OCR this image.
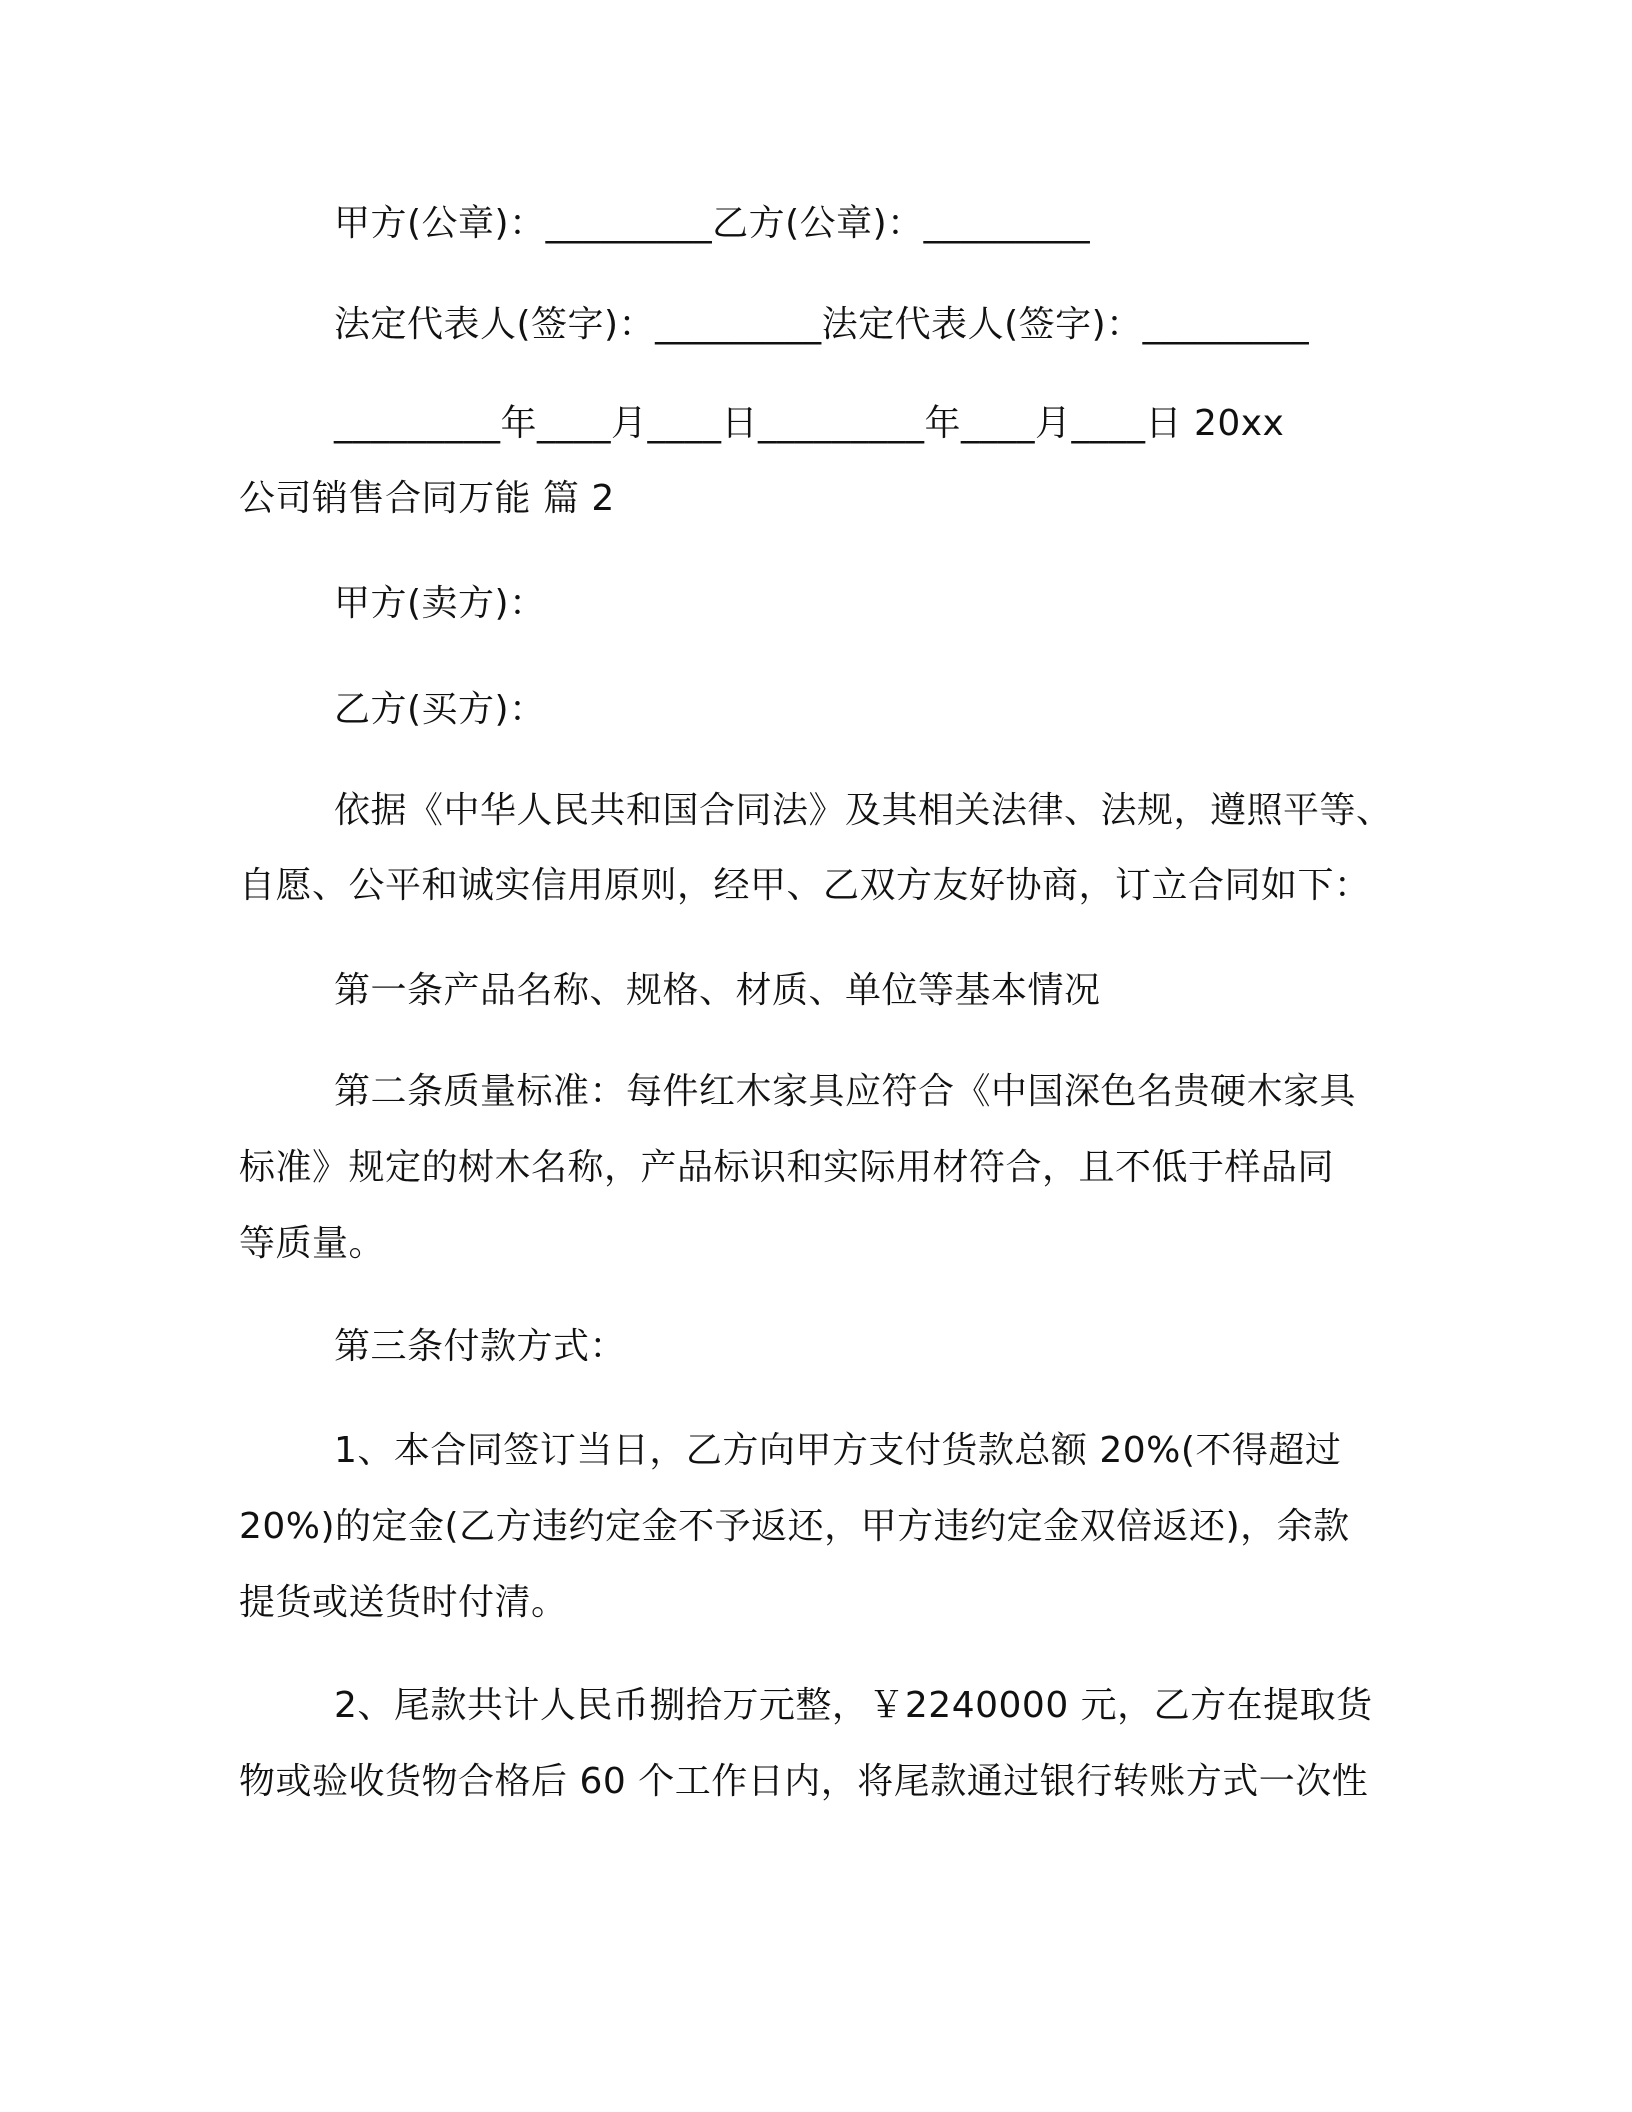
甲方(公章)：_________乙方(公章)：_________
法定代表人(签字)：_________法定代表人(签字)：_________
_________年____月____日_________年____月____日 20xx
公司销售合同万能 篇 2
甲方(卖方)：
乙方(买方)：
依据《中华人民共和国合同法》及其相关法律、法规，遵照平等、
自愿、公平和诚实信用原则，经甲、乙双方友好协商，订立合同如下：
第一条产品名称、规格、材质、单位等基本情况
第二条质量标准：每件红木家具应符合《中国深色名贵硬木家具
标准》规定的树木名称，产品标识和实际用材符合，且不低于样品同
等质量。
第三条付款方式：
1、本合同签订当日，乙方向甲方支付货款总额 20%(不得超过
20%)的定金(乙方违约定金不予返还，甲方违约定金双倍返还)，余款
提货或送货时付清。
2、尾款共计人民币捌拾万元整，￥2240000 元，乙方在提取货
物或验收货物合格后 60 个工作日内，将尾款通过银行转账方式一次性
